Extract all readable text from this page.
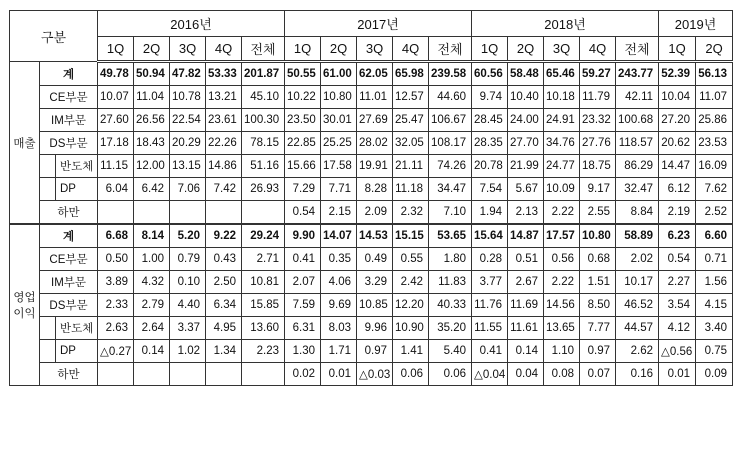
구분			2016년					2017년					2018년					2019년	
			1Q	2Q	3Q	4Q	전체	1Q	2Q	3Q	4Q	전체	1Q	2Q	3Q	4Q	전체	1Q	2Q
매출	계		49.78	50.94	47.82	53.33	201.87	50.55	61.00	62.05	65.98	239.58	60.56	58.48	65.46	59.27	243.77	52.39	56.13
	CE부문		10.07	11.04	10.78	13.21	45.10	10.22	10.80	11.01	12.57	44.60	9.74	10.40	10.18	11.79	42.11	10.04	11.07
	IM부문		27.60	26.56	22.54	23.61	100.30	23.50	30.01	27.69	25.47	106.67	28.45	24.00	24.91	23.32	100.68	27.20	25.86
	DS부문		17.18	18.43	20.29	22.26	78.15	22.85	25.25	28.02	32.05	108.17	28.35	27.70	34.76	27.76	118.57	20.62	23.53
		반도체	11.15	12.00	13.15	14.86	51.16	15.66	17.58	19.91	21.11	74.26	20.78	21.99	24.77	18.75	86.29	14.47	16.09
		DP	6.04	6.42	7.06	7.42	26.93	7.29	7.71	8.28	11.18	34.47	7.54	5.67	10.09	9.17	32.47	6.12	7.62
	하만							0.54	2.15	2.09	2.32	7.10	1.94	2.13	2.22	2.55	8.84	2.19	2.52
영업
이익	계		6.68	8.14	5.20	9.22	29.24	9.90	14.07	14.53	15.15	53.65	15.64	14.87	17.57	10.80	58.89	6.23	6.60
	CE부문		0.50	1.00	0.79	0.43	2.71	0.41	0.35	0.49	0.55	1.80	0.28	0.51	0.56	0.68	2.02	0.54	0.71
	IM부문		3.89	4.32	0.10	2.50	10.81	2.07	4.06	3.29	2.42	11.83	3.77	2.67	2.22	1.51	10.17	2.27	1.56
	DS부문		2.33	2.79	4.40	6.34	15.85	7.59	9.69	10.85	12.20	40.33	11.76	11.69	14.56	8.50	46.52	3.54	4.15
		반도체	2.63	2.64	3.37	4.95	13.60	6.31	8.03	9.96	10.90	35.20	11.55	11.61	13.65	7.77	44.57	4.12	3.40
		DP	△0.27	0.14	1.02	1.34	2.23	1.30	1.71	0.97	1.41	5.40	0.41	0.14	1.10	0.97	2.62	△0.56	0.75
	하만							0.02	0.01	△0.03	0.06	0.06	△0.04	0.04	0.08	0.07	0.16	0.01	0.09
